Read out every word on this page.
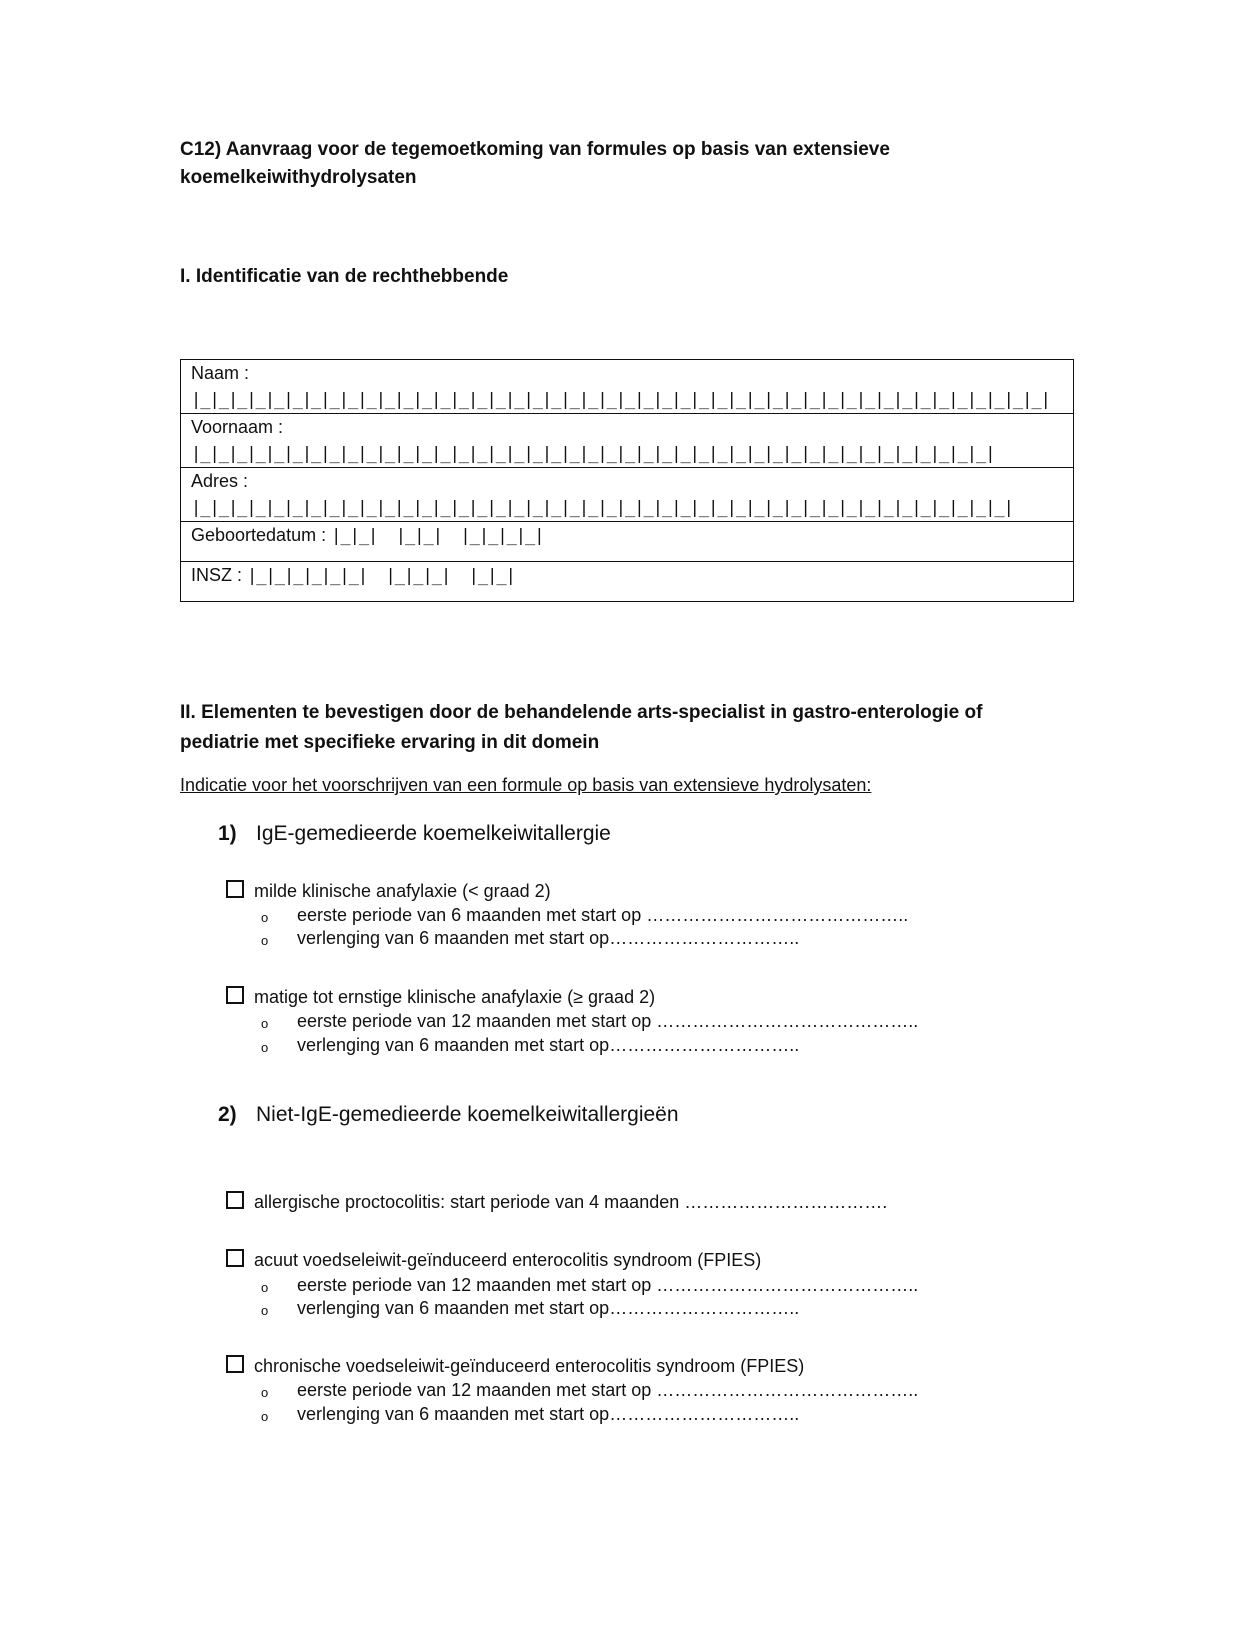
C12) Aanvraag voor de tegemoetkoming van formules op basis van extensieve
koemelkeiwithydrolysaten
I. Identificatie van de rechthebbende
Naam : |_|_|_|_|_|_|_|_|_|_|_|_|_|_|_|_|_|_|_|_|_|_|_|_|_|_|_|_|_|_|_|_|_|_|_|_|_|_|_|_|_|_|_|_|_|_|
Voornaam : |_|_|_|_|_|_|_|_|_|_|_|_|_|_|_|_|_|_|_|_|_|_|_|_|_|_|_|_|_|_|_|_|_|_|_|_|_|_|_|_|_|_|_|
Adres : |_|_|_|_|_|_|_|_|_|_|_|_|_|_|_|_|_|_|_|_|_|_|_|_|_|_|_|_|_|_|_|_|_|_|_|_|_|_|_|_|_|_|_|_|
Geboortedatum : |_|_|  |_|_|  |_|_|_|_|
INSZ : |_|_|_|_|_|_|  |_|_|_|  |_|_|
II. Elementen te bevestigen door de behandelende arts-specialist in gastro-enterologie of
pediatrie met specifieke ervaring in dit domein
Indicatie voor het voorschrijven van een formule op basis van extensieve hydrolysaten:
1) IgE-gemedieerde koemelkeiwitallergie
milde klinische anafylaxie (< graad 2)
o eerste periode van 6 maanden met start op ……………………………………..
o verlenging van 6 maanden met start op…………………………..
matige tot ernstige klinische anafylaxie (≥ graad 2)
o eerste periode van 12 maanden met start op ……………………………………..
o verlenging van 6 maanden met start op…………………………..
2) Niet-IgE-gemedieerde koemelkeiwitallergieën
allergische proctocolitis: start periode van 4 maanden …………………………….
acuut voedseleiwit-geïnduceerd enterocolitis syndroom (FPIES)
o eerste periode van 12 maanden met start op ……………………………………..
o verlenging van 6 maanden met start op…………………………..
chronische voedseleiwit-geïnduceerd enterocolitis syndroom (FPIES)
o eerste periode van 12 maanden met start op ……………………………………..
o verlenging van 6 maanden met start op…………………………..
